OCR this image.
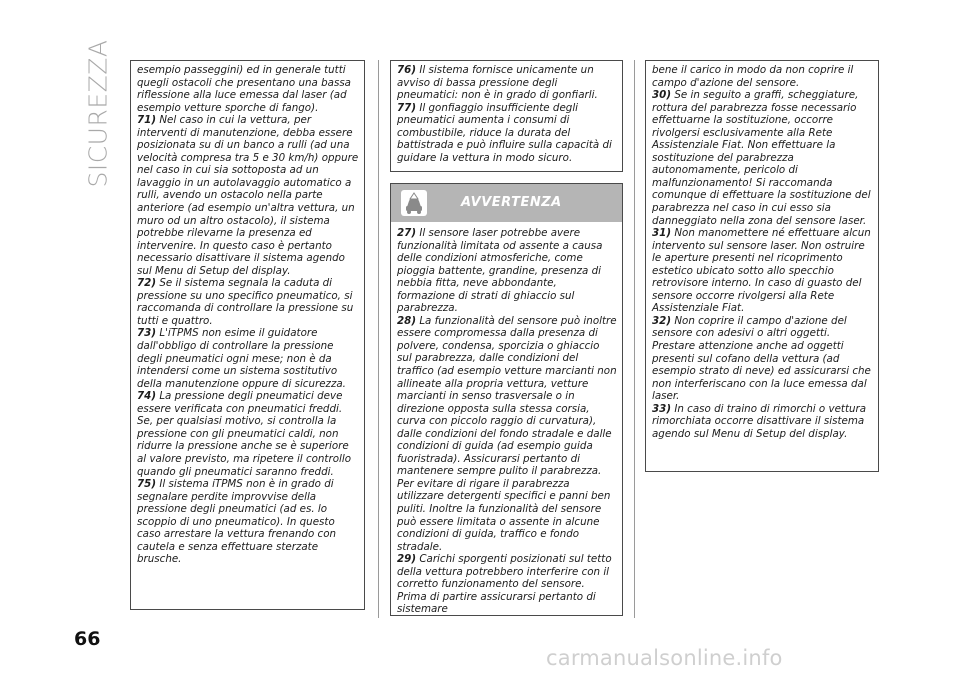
SICUREZZA esempio passeggini) ed in generale tutti quegli ostacoli che presentano una bassa riflessione alla luce emessa dal laser (ad esempio vetture sporche di fango).

71) Nel caso in cui la vettura, per interventi di manutenzione, debba essere posizionata su di un banco a rulli (ad una velocità compresa tra 5 e 30 km/h) oppure nel caso in cui sia sottoposta ad un lavaggio in un autolavaggio automatico a rulli, avendo un ostacolo nella parte anteriore (ad esempio un'altra vettura, un muro od un altro ostacolo), il sistema potrebbe rilevarne la presenza ed intervenire. In questo caso è pertanto necessario disattivare il sistema agendo sul Menu di Setup del display.

72) Se il sistema segnala la caduta di pressione su uno specifico pneumatico, si raccomanda di controllare la pressione su tutti e quattro.

73) L'iTPMS non esime il guidatore dall'obbligo di controllare la pressione degli pneumatici ogni mese; non è da intendersi come un sistema sostitutivo della manutenzione oppure di sicurezza.

74) La pressione degli pneumatici deve essere verificata con pneumatici freddi. Se, per qualsiasi motivo, si controlla la pressione con gli pneumatici caldi, non ridurre la pressione anche se è superiore al valore previsto, ma ripetere il controllo quando gli pneumatici saranno freddi.

75) Il sistema iTPMS non è in grado di segnalare perdite improvvise della pressione degli pneumatici (ad es. lo scoppio di uno pneumatico). In questo caso arrestare la vettura frenando con cautela e senza effettuare sterzate brusche.

76) Il sistema fornisce unicamente un avviso di bassa pressione degli pneumatici: non è in grado di gonfiarli.

77) Il gonfiaggio insufficiente degli pneumatici aumenta i consumi di combustibile, riduce la durata del battistrada e può influire sulla capacità di guidare la vettura in modo sicuro.

AVVERTENZA

27) Il sensore laser potrebbe avere funzionalità limitata od assente a causa delle condizioni atmosferiche, come pioggia battente, grandine, presenza di nebbia fitta, neve abbondante, formazione di strati di ghiaccio sul parabrezza.

28) La funzionalità del sensore può inoltre essere compromessa dalla presenza di polvere, condensa, sporcizia o ghiaccio sul parabrezza, dalle condizioni del traffico (ad esempio vetture marcianti non allineate alla propria vettura, vetture marcianti in senso trasversale o in direzione opposta sulla stessa corsia, curva con piccolo raggio di curvatura), dalle condizioni del fondo stradale e dalle condizioni di guida (ad esempio guida fuoristrada). Assicurarsi pertanto di mantenere sempre pulito il parabrezza. Per evitare di rigare il parabrezza utilizzare detergenti specifici e panni ben puliti. Inoltre la funzionalità del sensore può essere limitata o assente in alcune condizioni di guida, traffico e fondo stradale.

29) Carichi sporgenti posizionati sul tetto della vettura potrebbero interferire con il corretto funzionamento del sensore. Prima di partire assicurarsi pertanto di sistemare

bene il carico in modo da non coprire il campo d'azione del sensore.

30) Se in seguito a graffi, scheggiature, rottura del parabrezza fosse necessario effettuarne la sostituzione, occorre rivolgersi esclusivamente alla Rete Assistenziale Fiat. Non effettuare la sostituzione del parabrezza autonomamente, pericolo di malfunzionamento! Si raccomanda comunque di effettuare la sostituzione del parabrezza nel caso in cui esso sia danneggiato nella zona del sensore laser.

31) Non manomettere né effettuare alcun intervento sul sensore laser. Non ostruire le aperture presenti nel ricoprimento estetico ubicato sotto allo specchio retrovisore interno. In caso di guasto del sensore occorre rivolgersi alla Rete Assistenziale Fiat.

32) Non coprire il campo d'azione del sensore con adesivi o altri oggetti. Prestare attenzione anche ad oggetti presenti sul cofano della vettura (ad esempio strato di neve) ed assicurarsi che non interferiscano con la luce emessa dal laser.

33) In caso di traino di rimorchi o vettura rimorchiata occorre disattivare il sistema agendo sul Menu di Setup del display.

66
carmanualsonline.info
